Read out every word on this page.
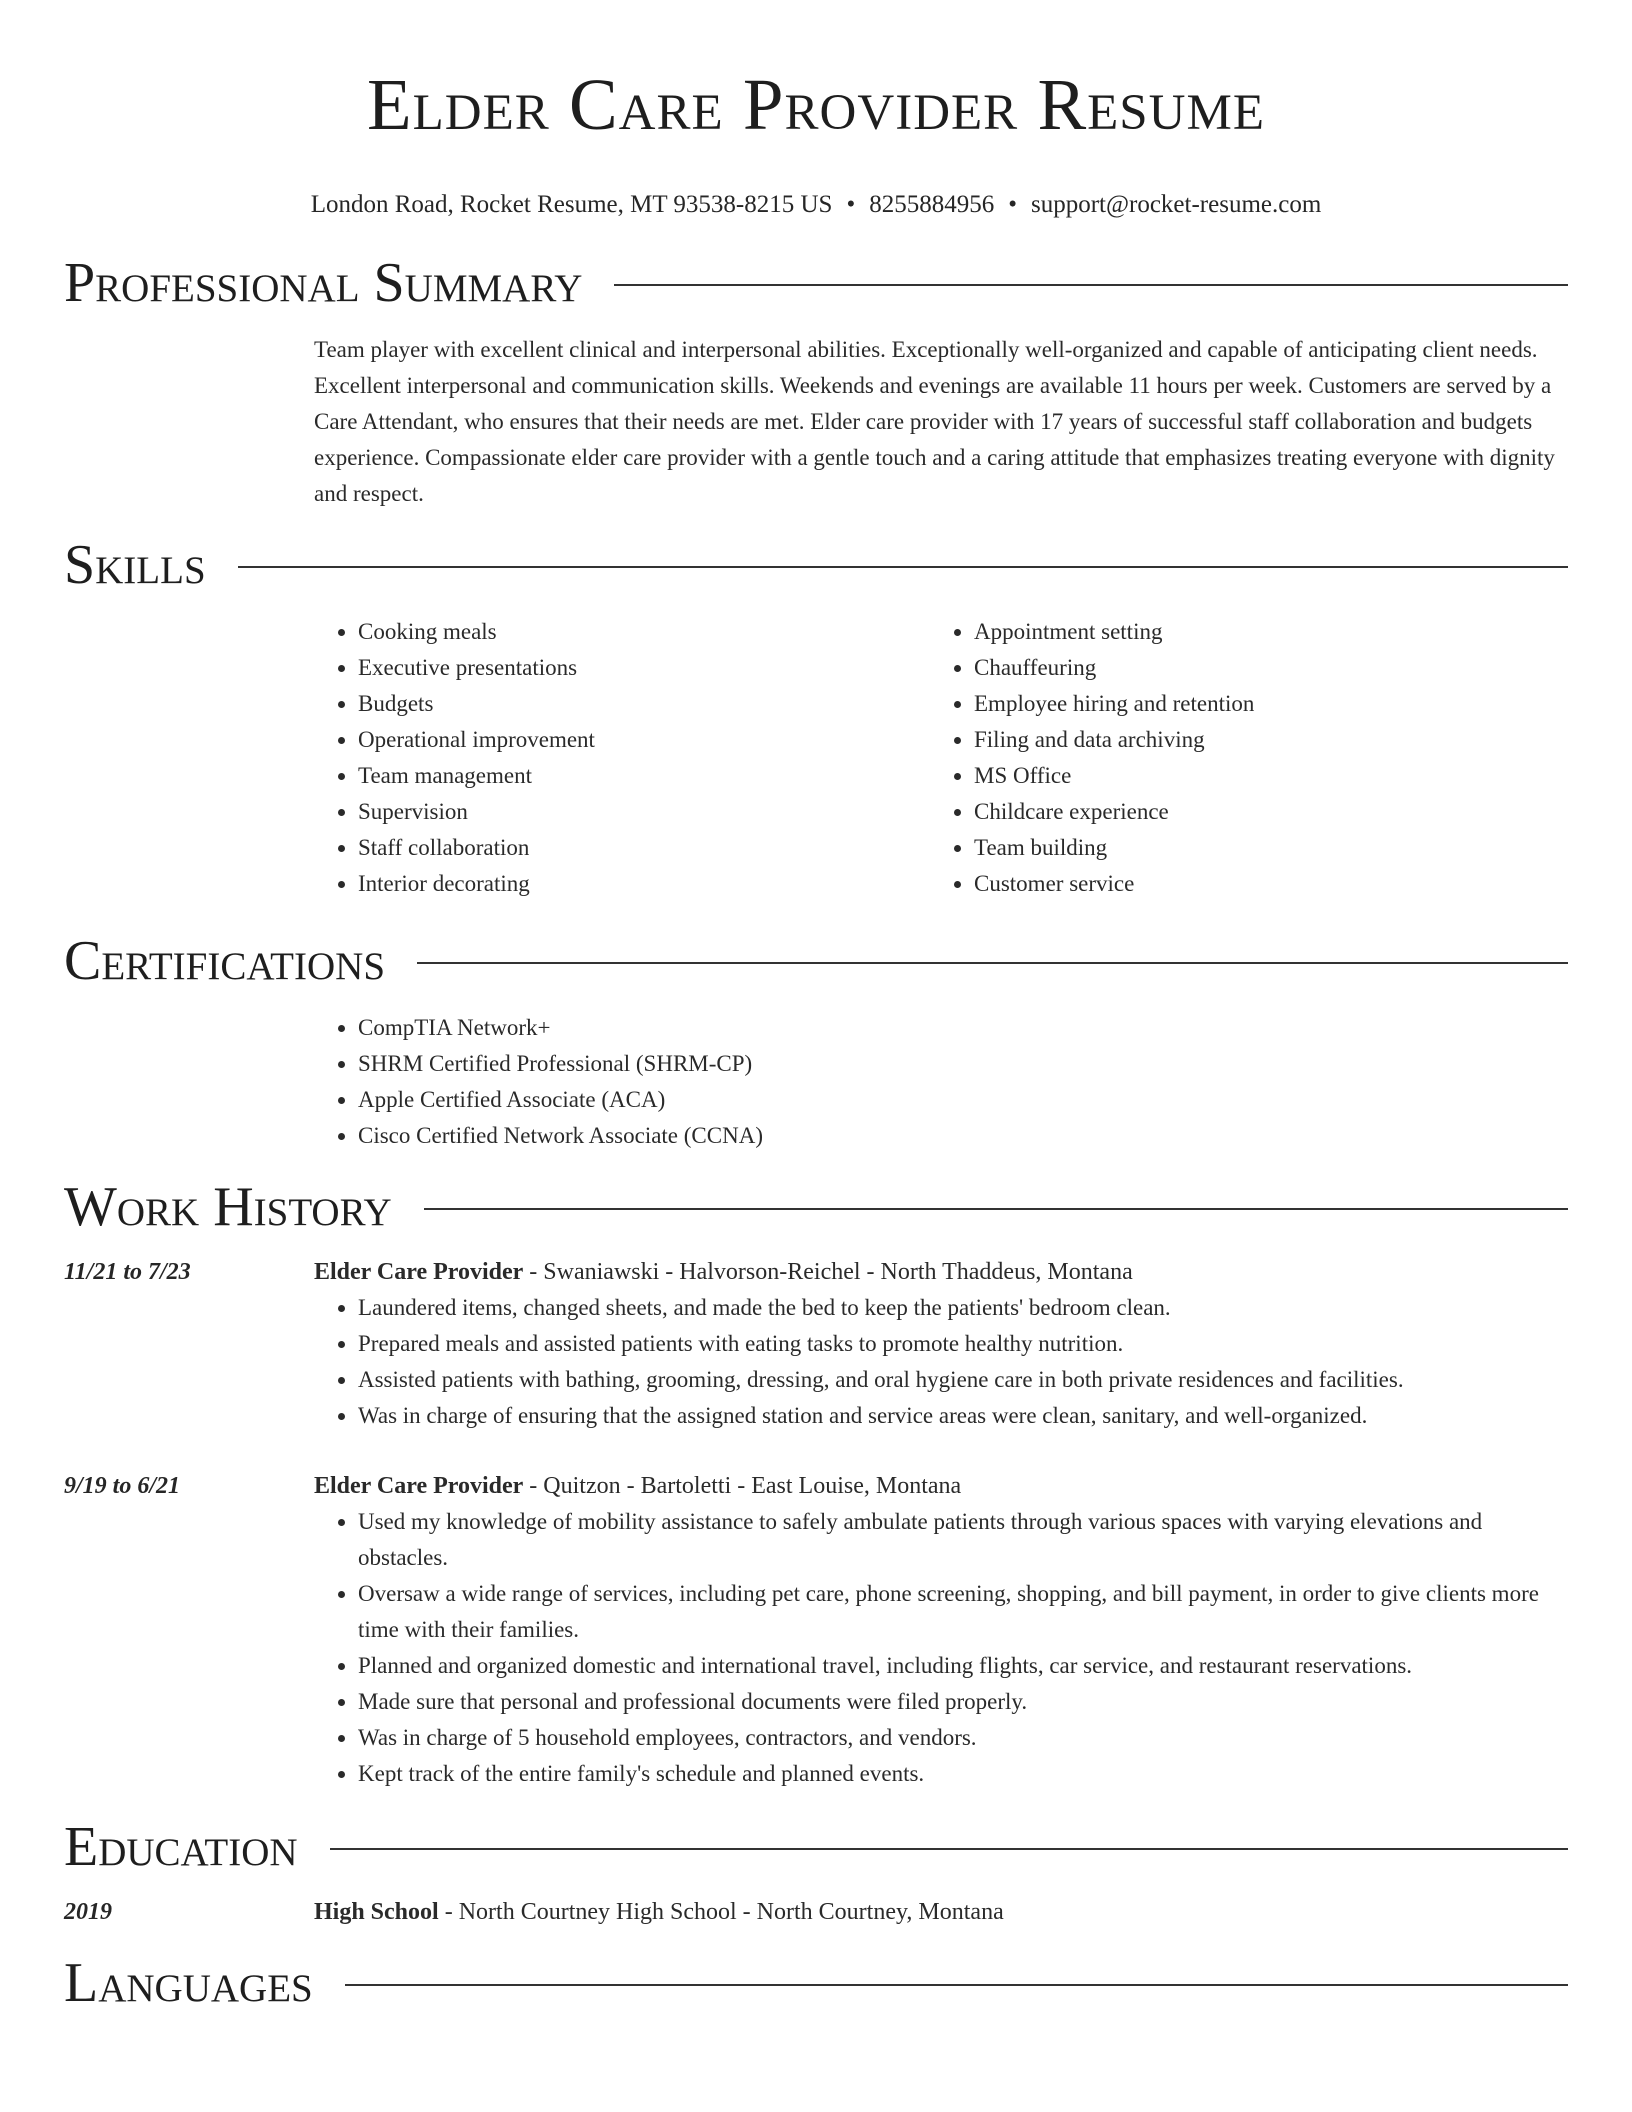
Elder Care Provider Resume
London Road, Rocket Resume, MT 93538-8215 US • 8255884956 • support@rocket-resume.com
Professional Summary
Team player with excellent clinical and interpersonal abilities. Exceptionally well-organized and capable of anticipating client needs. Excellent interpersonal and communication skills. Weekends and evenings are available 11 hours per week. Customers are served by a Care Attendant, who ensures that their needs are met. Elder care provider with 17 years of successful staff collaboration and budgets experience. Compassionate elder care provider with a gentle touch and a caring attitude that emphasizes treating everyone with dignity and respect.
Skills
• Cooking meals
• Executive presentations
• Budgets
• Operational improvement
• Team management
• Supervision
• Staff collaboration
• Interior decorating
• Appointment setting
• Chauffeuring
• Employee hiring and retention
• Filing and data archiving
• MS Office
• Childcare experience
• Team building
• Customer service
Certifications
• CompTIA Network+
• SHRM Certified Professional (SHRM-CP)
• Apple Certified Associate (ACA)
• Cisco Certified Network Associate (CCNA)
Work History
11/21 to 7/23	Elder Care Provider - Swaniawski - Halvorson-Reichel - North Thaddeus, Montana
• Laundered items, changed sheets, and made the bed to keep the patients' bedroom clean.
• Prepared meals and assisted patients with eating tasks to promote healthy nutrition.
• Assisted patients with bathing, grooming, dressing, and oral hygiene care in both private residences and facilities.
• Was in charge of ensuring that the assigned station and service areas were clean, sanitary, and well-organized.
9/19 to 6/21	Elder Care Provider - Quitzon - Bartoletti - East Louise, Montana
• Used my knowledge of mobility assistance to safely ambulate patients through various spaces with varying elevations and obstacles.
• Oversaw a wide range of services, including pet care, phone screening, shopping, and bill payment, in order to give clients more time with their families.
• Planned and organized domestic and international travel, including flights, car service, and restaurant reservations.
• Made sure that personal and professional documents were filed properly.
• Was in charge of 5 household employees, contractors, and vendors.
• Kept track of the entire family's schedule and planned events.
Education
2019	High School - North Courtney High School - North Courtney, Montana
Languages
